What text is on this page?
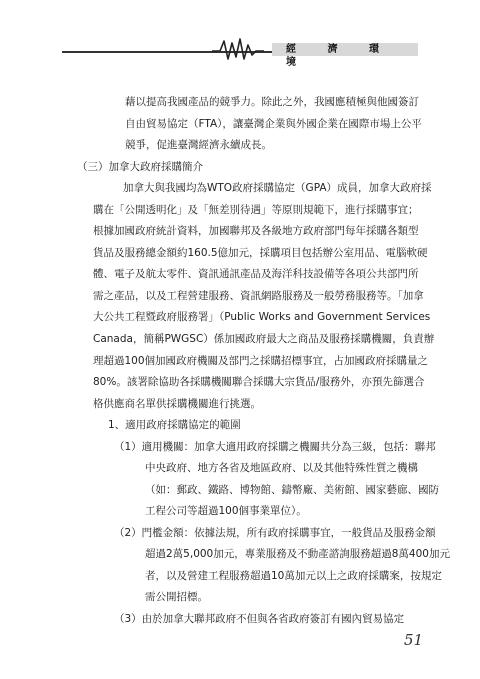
經 濟 環 境
藉以提高我國產品的競爭力。除此之外，我國應積極與他國簽訂
自由貿易協定（FTA），讓臺灣企業與外國企業在國際市場上公平
競爭，促進臺灣經濟永續成長。
（三）加拿大政府採購簡介
加拿大與我國均為WTO政府採購協定（GPA）成員，加拿大政府採
購在「公開透明化」及「無差別待遇」等原則規範下，進行採購事宜；
根據加國政府統計資料，加國聯邦及各級地方政府部門每年採購各類型
貨品及服務總金額約160.5億加元，採購項目包括辦公室用品、電腦軟硬
體、電子及航太零件、資訊通訊產品及海洋科技設備等各項公共部門所
需之產品，以及工程營建服務、資訊網路服務及一般勞務服務等。「加拿
大公共工程暨政府服務署」（Public Works and Government Services
Canada，簡稱PWGSC）係加國政府最大之商品及服務採購機關，負責辦
理超過100個加國政府機關及部門之採購招標事宜，占加國政府採購量之
80%。該署除協助各採購機關聯合採購大宗貨品/服務外，亦預先篩選合
格供應商名單供採購機關進行挑選。
1、適用政府採購協定的範圍
（1）適用機關：加拿大適用政府採購之機關共分為三級，包括：聯邦
中央政府、地方各省及地區政府、以及其他特殊性質之機構
（如：郵政、鐵路、博物館、鑄幣廠、美術館、國家藝廊、國防
工程公司等超過100個事業單位）。
（2）門檻金額：依據法規，所有政府採購事宜，一般貨品及服務金額
超過2萬5,000加元，專業服務及不動產諮詢服務超過8萬400加元
者，以及營建工程服務超過10萬加元以上之政府採購案，按規定
需公開招標。
（3）由於加拿大聯邦政府不但與各省政府簽訂有國內貿易協定
51
